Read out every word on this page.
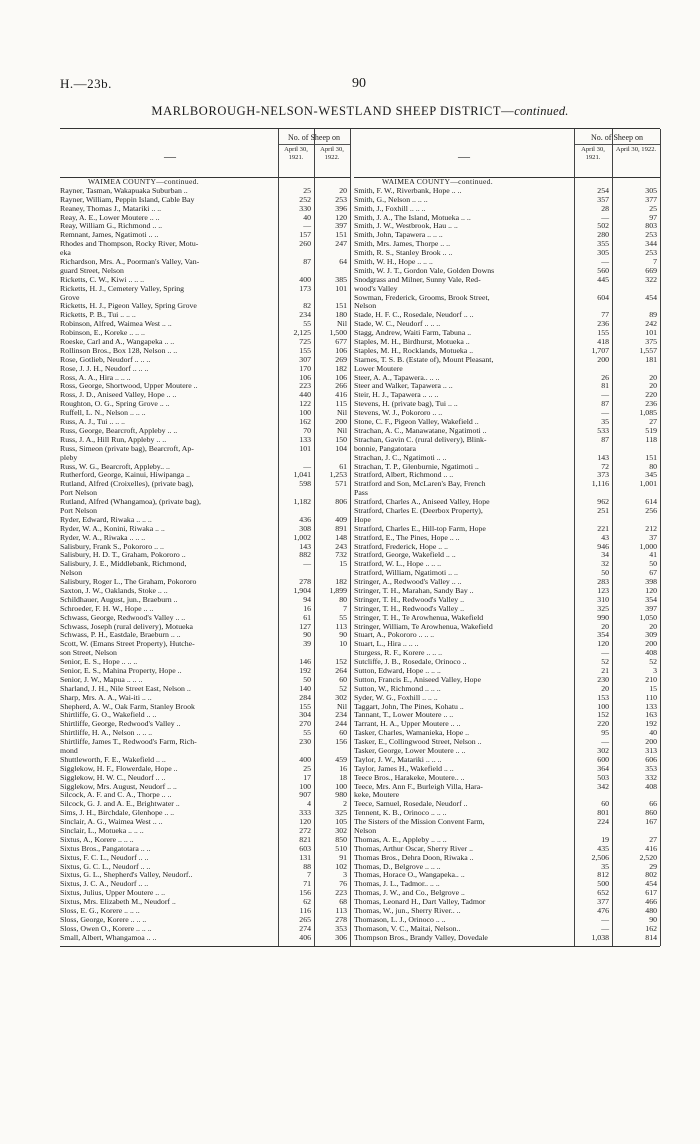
H.—23b.	90
MARLBOROUGH-NELSON-WESTLAND SHEEP DISTRICT—continued.
—
No. of Sheep on
April 30, 1921.
April 30, 1922.
WAIMEA COUNTY—continued.
Rayner, Tasman, Wakapuaka Suburban ..	25	20
Rayner, William, Peppin Island, Cable Bay	252	253
Reaney, Thomas J., Matariki .. ..	330	396
Reay, A. E., Lower Moutere .. ..	40	120
Reay, William G., Richmond .. ..	—	397
Remnant, James, Ngatimoti .. ..	157	151
Rhodes and Thompson, Rocky River, Motu-	260	247
eka
Richardson, Mrs. A., Poorman's Valley, Van-	87	64
guard Street, Nelson
Ricketts, C. W., Kiwi .. .. ..	400	385
Ricketts, H. J., Cemetery Valley, Spring	173	101
Grove
Ricketts, H. J., Pigeon Valley, Spring Grove	82	151
Ricketts, P. B., Tui .. .. ..	234	180
Robinson, Alfred, Waimea West .. ..	55	Nil
Robinson, E., Koreke .. .. ..	2,125	1,500
Roeske, Carl and A., Wangapeka .. ..	725	677
Rollinson Bros., Box 128, Nelson .. ..	155	106
Rose, Gotlieb, Neudorf .. .. ..	307	269
Rose, J. J. H., Neudorf .. .. ..	170	182
Ross, A. A., Hira .. .. ..	106	106
Ross, George, Shortwood, Upper Moutere ..	223	266
Ross, J. D., Aniseed Valley, Hope .. ..	440	416
Roughton, O. G., Spring Grove .. ..	122	115
Ruffell, L. N., Nelson .. .. ..	100	Nil
Russ, A. J., Tui .. .. ..	162	200
Russ, George, Bearcroft, Appleby .. ..	70	Nil
Russ, J. A., Hill Run, Appleby .. ..	133	150
Russ, Simeon (private bag), Bearcroft, Ap-	101	104
pleby
Russ, W. G., Bearcroft, Appleby.. ..	—	61
Rutherford, George, Kainui, Hiwipanga ..	1,041	1,253
Rutland, Alfred (Croixelles), (private bag),	598	571
Port Nelson
Rutland, Alfred (Whangamoa), (private bag),	1,182	806
Port Nelson
Ryder, Edward, Riwaka .. .. ..	436	409
Ryder, W. A., Konini, Riwaka .. ..	308	891
Ryder, W. A., Riwaka .. .. ..	1,002	148
Salisbury, Frank S., Pokororo .. ..	143	243
Salisbury, H. D. T., Graham, Pokororo ..	882	732
Salisbury, J. E., Middlebank, Richmond,	—	15
Nelson
Salisbury, Roger L., The Graham, Pokororo	278	182
Saxton, J. W., Oaklands, Stoke .. ..	1,904	1,899
Schildhauer, August, jun., Braeburn ..	94	80
Schroeder, F. H. W., Hope .. ..	16	7
Schwass, George, Redwood's Valley .. ..	61	55
Schwass, Joseph (rural delivery), Motueka	127	113
Schwass, P. H., Eastdale, Braeburn .. ..	90	90
Scott, W. (Emans Street Property), Hutche-	39	10
son Street, Nelson
Senior, E. S., Hope .. .. ..	146	152
Senior, E. S., Mahina Property, Hope ..	192	264
Senior, J. W., Mapua .. .. ..	50	60
Sharland, J. H., Nile Street East, Nelson ..	140	52
Sharp, Mrs. A. A., Wai-iti .. ..	284	302
Shepherd, A. W., Oak Farm, Stanley Brook	155	Nil
Shirtliffe, G. O., Wakefield .. ..	304	234
Shirtliffe, George, Redwood's Valley ..	270	244
Shirtliffe, H. A., Nelson .. .. ..	55	60
Shirtliffe, James T., Redwood's Farm, Rich-	230	156
mond
Shuttleworth, F. E., Wakefield .. ..	400	459
Sigglekow, H. F., Flowerdale, Hope ..	25	16
Sigglekow, H. W. C., Neudorf .. ..	17	18
Sigglekow, Mrs. August, Neudorf .. ..	100	100
Silcock, A. F. and C. A., Thorpe .. ..	907	980
Silcock, G. J. and A. E., Brightwater ..	4	2
Sims, J. H., Birchdale, Glenhope .. ..	333	325
Sinclair, A. G., Waimea West .. ..	120	105
Sinclair, L., Motueka .. .. ..	272	302
Sixtus, A., Korere .. .. ..	821	850
Sixtus Bros., Pangatotara .. ..	603	510
Sixtus, F. C. L., Neudorf .. ..	131	91
Sixtus, G. C. L., Neudorf .. ..	88	102
Sixtus, G. L., Shepherd's Valley, Neudorf..	7	3
Sixtus, J. C. A., Neudorf .. ..	71	76
Sixtus, Julius, Upper Moutere .. ..	156	223
Sixtus, Mrs. Elizabeth M., Neudorf ..	62	68
Sloss, E. G., Korere .. .. ..	116	113
Sloss, George, Korere .. .. ..	265	278
Sloss, Owen O., Korere .. .. ..	274	353
Small, Albert, Whangamoa .. ..	406	306
—
No. of Sheep on
April 30, 1921.
April 30, 1922.
WAIMEA COUNTY—continued.
Smith, F. W., Riverbank, Hope .. ..	254	305
Smith, G., Nelson .. .. ..	357	377
Smith, J., Foxhill .. .. ..	28	25
Smith, J. A., The Island, Motueka .. ..	—	97
Smith, J. W., Westbrook, Hau .. ..	502	803
Smith, John, Tapawera .. .. ..	280	253
Smith, Mrs. James, Thorpe .. ..	355	344
Smith, R. S., Stanley Brook .. ..	305	253
Smith, W. H., Hope .. .. ..	—	7
Smith, W. J. T., Gordon Vale, Golden Downs	560	669
Snodgrass and Milner, Sunny Vale, Red-	445	322
wood's Valley
Sowman, Frederick, Grooms, Brook Street,	604	454
Nelson
Stade, H. F. C., Rosedale, Neudorf .. ..	77	89
Stade, W. C., Neudorf .. .. ..	236	242
Stagg, Andrew, Waiti Farm, Tabuna ..	155	101
Staples, M. H., Birdhurst, Motueka ..	418	375
Staples, M. H., Rocklands, Motueka ..	1,707	1,557
Starnes, T. S. B. (Estate of), Mount Pleasant,	200	181
Lower Moutere
Steer, A. A., Tapawera.. .. ..	26	20
Steer and Walker, Tapawera .. ..	81	20
Steir, H. J., Tapawera .. .. ..	—	220
Stevens, H. (private bag), Tui .. ..	87	236
Stevens, W. J., Pokororo .. ..	—	1,085
Stone, C. F., Pigeon Valley, Wakefield ..	35	27
Strachan, A. C., Manawatane, Ngatimoti ..	533	519
Strachan, Gavin C. (rural delivery), Blink-	87	118
bonnie, Pangatotara
Strachan, J. C., Ngatimoti .. ..	143	151
Strachan, T. P., Glenburnie, Ngatimoti ..	72	80
Stratford, Albert, Richmond .. ..	373	345
Stratford and Son, McLaren's Bay, French	1,116	1,001
Pass
Stratford, Charles A., Aniseed Valley, Hope	962	614
Stratford, Charles E. (Deerbox Property),	251	256
Hope
Stratford, Charles E., Hill-top Farm, Hope	221	212
Stratford, E., The Pines, Hope .. ..	43	37
Stratford, Frederick, Hope .. ..	946	1,000
Stratford, George, Wakefield .. ..	34	41
Stratford, W. L., Hope .. .. ..	32	50
Stratford, William, Ngatimoti .. ..	50	67
Stringer, A., Redwood's Valley .. ..	283	398
Stringer, T. H., Marahan, Sandy Bay ..	123	120
Stringer, T. H., Redwood's Valley ..	310	354
Stringer, T. H., Redwood's Valley ..	325	397
Stringer, T. H., Te Arowhenua, Wakefield	990	1,050
Stringer, William, Te Arowhenua, Wakefield	20	20
Stuart, A., Pokororo .. .. ..	354	309
Stuart, L., Hira .. .. ..	120	200
Sturgess, R. F., Korere .. .. ..	—	408
Sutcliffe, J. B., Rosedale, Orinoco ..	52	52
Sutton, Edward, Hope .. .. ..	21	3
Sutton, Francis E., Aniseed Valley, Hope	230	210
Sutton, W., Richmond .. .. ..	20	15
Syder, W. G., Foxhill .. .. ..	153	110
Taggart, John, The Pines, Kohatu ..	100	133
Tannant, T., Lower Moutere .. ..	152	163
Tarrant, H. A., Upper Moutere .. ..	220	192
Tasker, Charles, Wamanieka, Hope ..	95	40
Tasker, E., Collingwood Street, Nelson ..	—	200
Tasker, George, Lower Moutere .. ..	302	313
Taylor, J. W., Matariki .. .. ..	600	606
Taylor, James H., Wakefield .. ..	364	353
Teece Bros., Harakeke, Moutere.. ..	503	332
Teece, Mrs. Ann F., Burleigh Villa, Hara-	342	408
keke, Moutere
Teece, Samuel, Rosedale, Neudorf ..	60	66
Tennent, K. B., Orinoco .. .. ..	801	860
The Sisters of the Mission Convent Farm,	224	167
Nelson
Thomas, A. E., Appleby .. .. ..	19	27
Thomas, Arthur Oscar, Sherry River ..	435	416
Thomas Bros., Dehra Doon, Riwaka ..	2,506	2,520
Thomas, D., Belgrove .. .. ..	35	29
Thomas, Horace O., Wangapeka.. ..	812	802
Thomas, J. L., Tadmor.. .. ..	500	454
Thomas, J. W., and Co., Belgrove ..	652	617
Thomas, Leonard H., Dart Valley, Tadmor	377	466
Thomas, W., jun., Sherry River.. ..	476	480
Thomason, L. J., Orinoco .. ..	—	90
Thomason, V. C., Maitai, Nelson..	—	162
Thompson Bros., Brandy Valley, Dovedale	1,038	814
